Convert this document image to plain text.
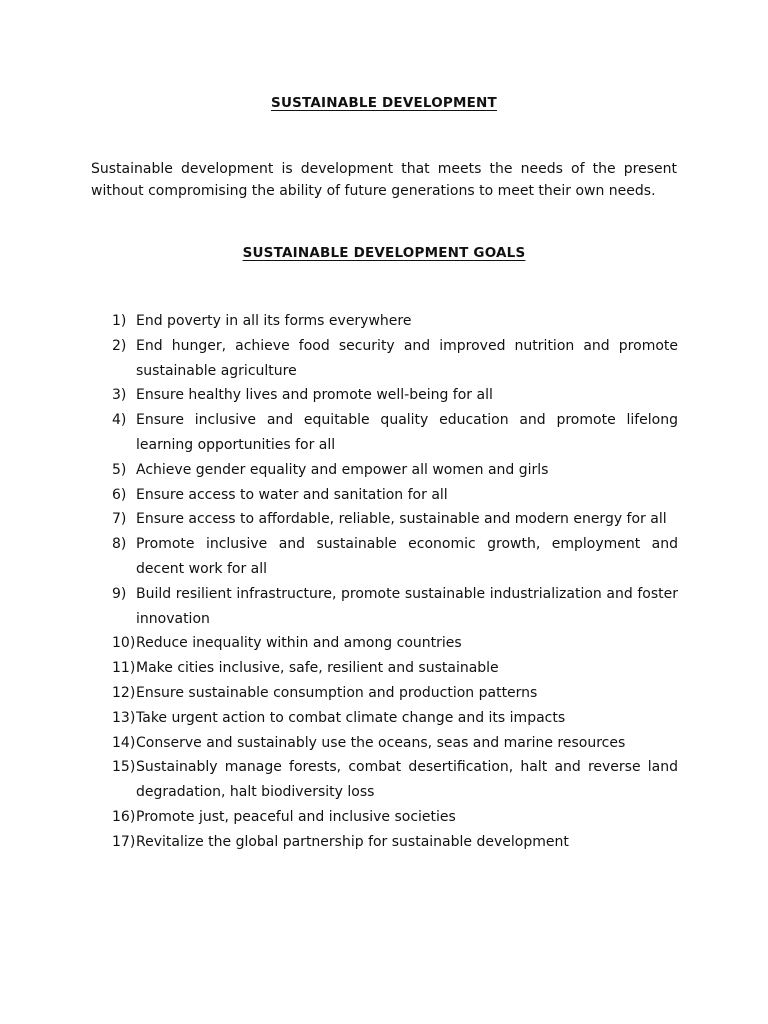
SUSTAINABLE DEVELOPMENT

Sustainable development is development that meets the needs of the present without compromising the ability of future generations to meet their own needs.

SUSTAINABLE DEVELOPMENT GOALS
1) End poverty in all its forms everywhere
2) End hunger, achieve food security and improved nutrition and promote sustainable agriculture
3) Ensure healthy lives and promote well-being for all
4) Ensure inclusive and equitable quality education and promote lifelong learning opportunities for all
5) Achieve gender equality and empower all women and girls
6) Ensure access to water and sanitation for all
7) Ensure access to affordable, reliable, sustainable and modern energy for all
8) Promote inclusive and sustainable economic growth, employment and decent work for all
9) Build resilient infrastructure, promote sustainable industrialization and foster innovation
10) Reduce inequality within and among countries
11) Make cities inclusive, safe, resilient and sustainable
12) Ensure sustainable consumption and production patterns
13) Take urgent action to combat climate change and its impacts
14) Conserve and sustainably use the oceans, seas and marine resources
15) Sustainably manage forests, combat desertification, halt and reverse land degradation, halt biodiversity loss
16) Promote just, peaceful and inclusive societies
17) Revitalize the global partnership for sustainable development
